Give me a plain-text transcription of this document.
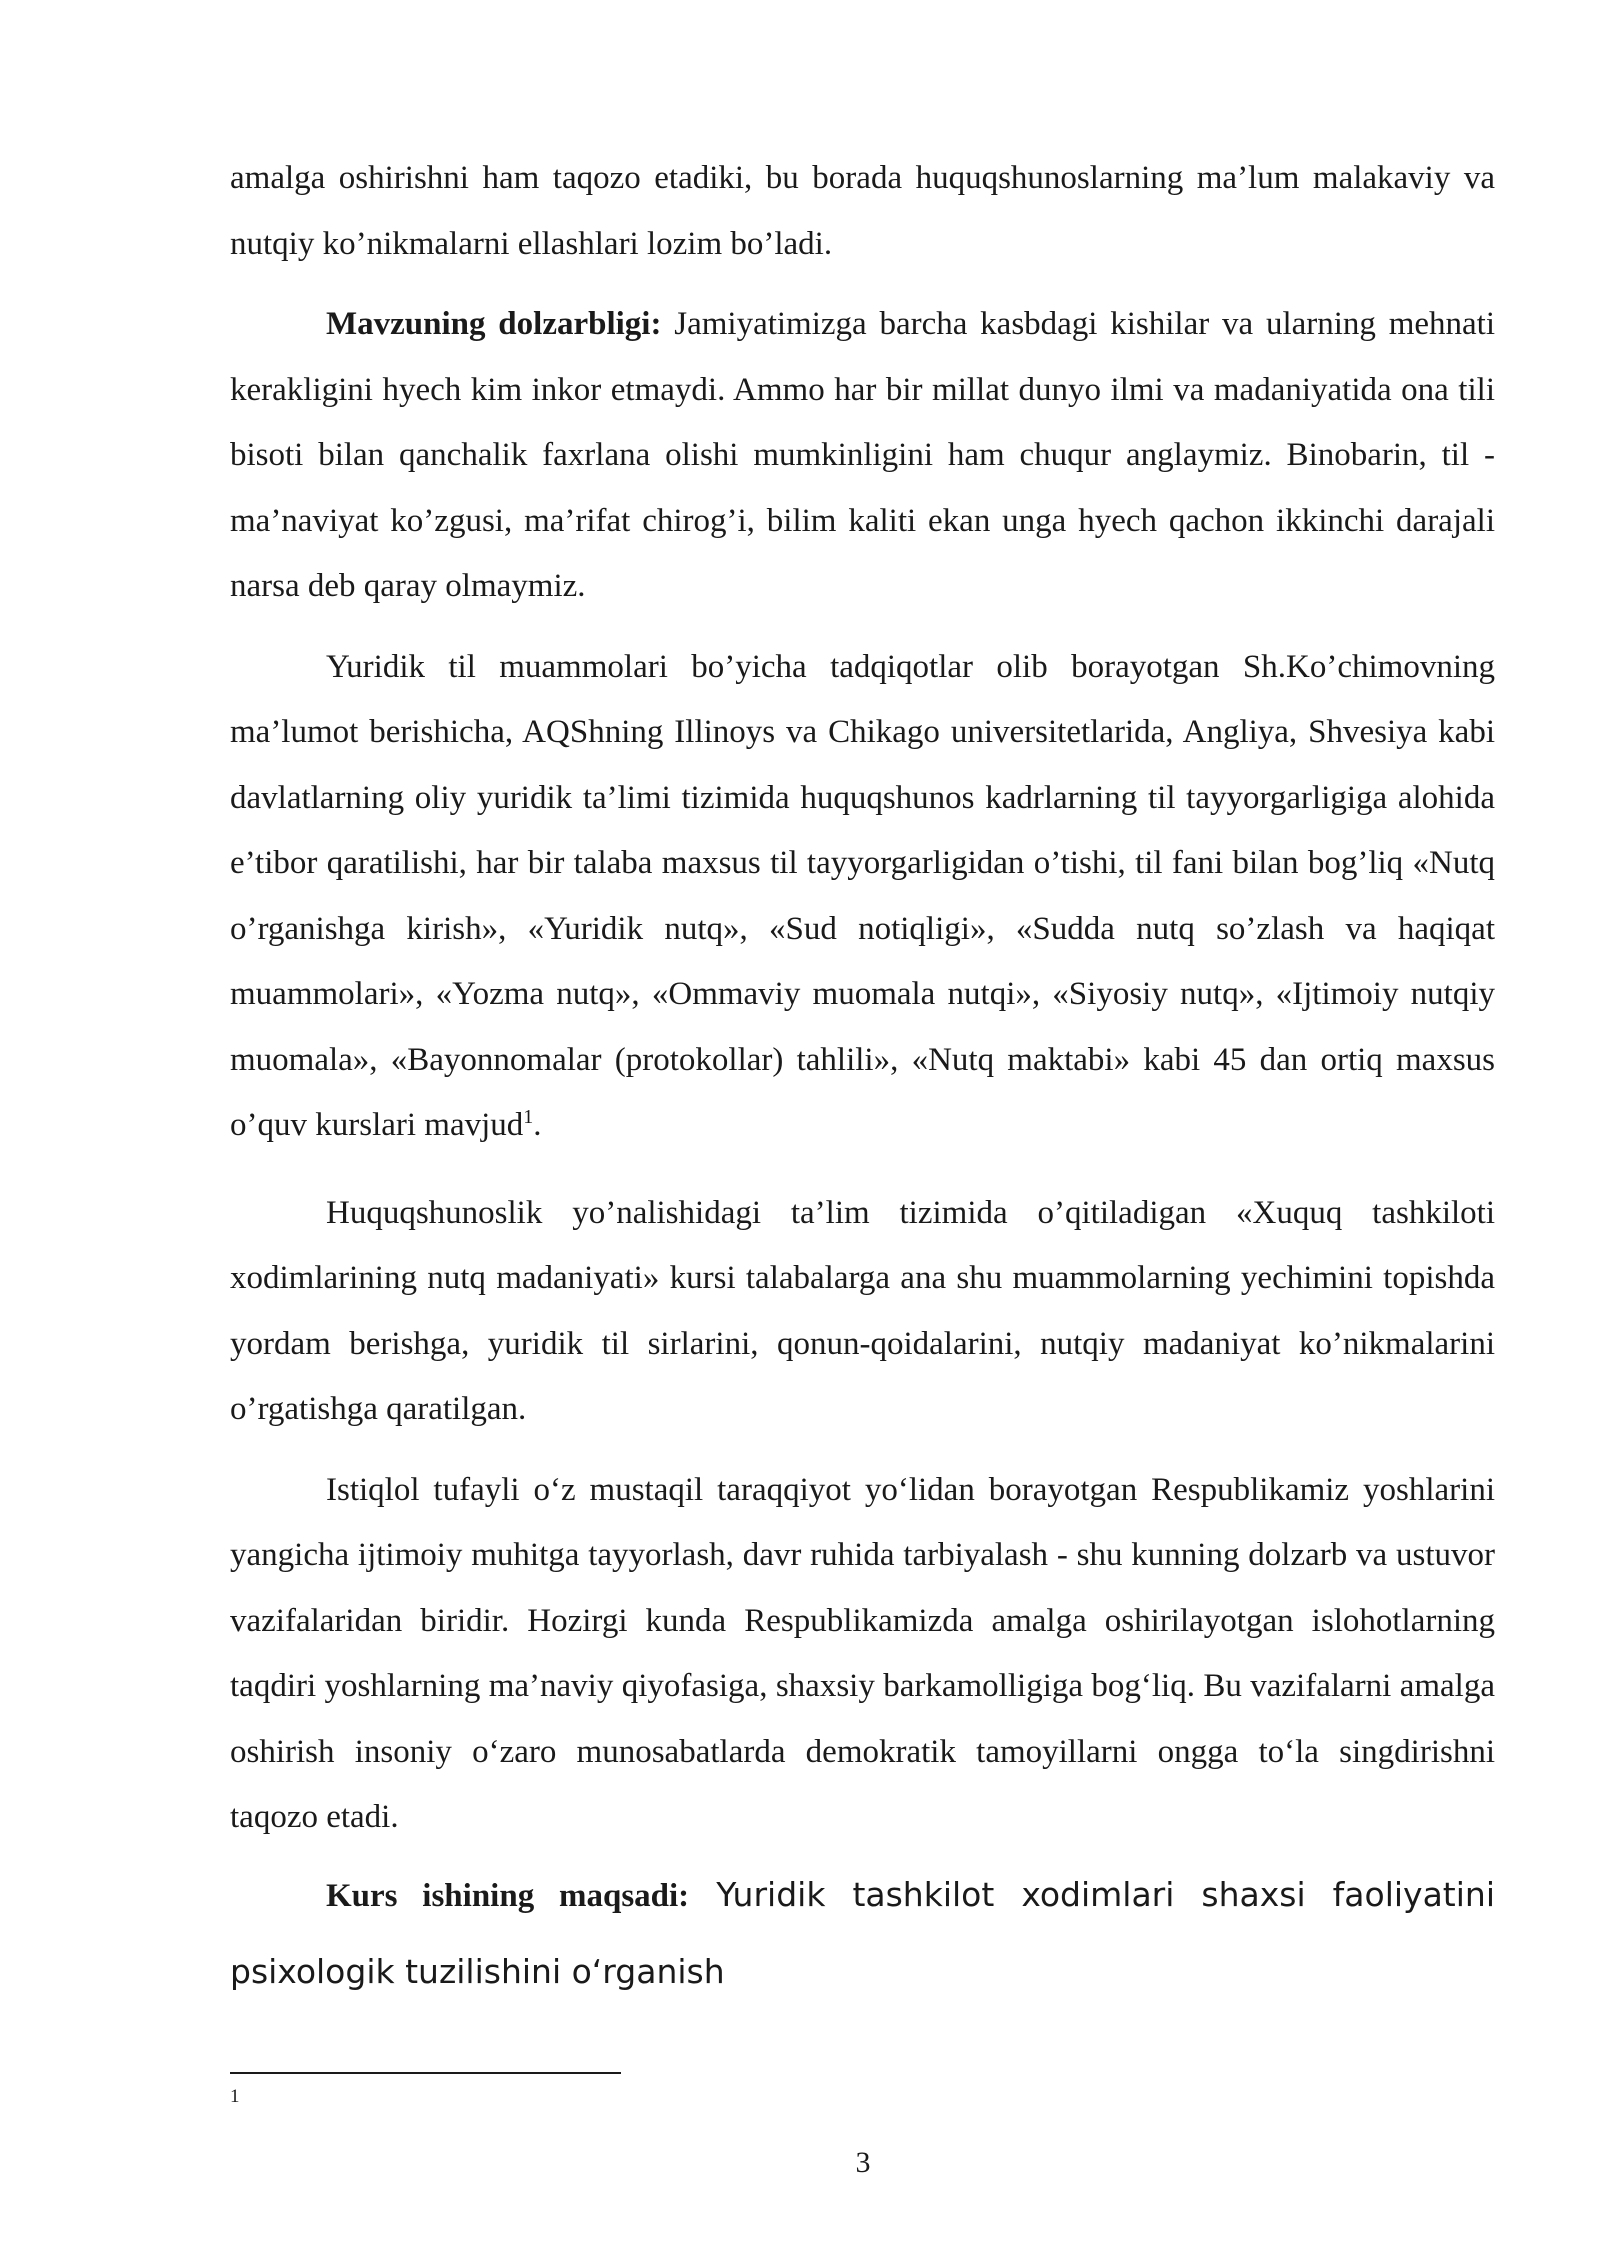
amalga oshirishni ham taqozo etadiki, bu borada huquqshunoslarning ma’lum malakaviy va nutqiy ko’nikmalarni ellashlari lozim bo’ladi.

Mavzuning dolzarbligi: Jamiyatimizga barcha kasbdagi kishilar va ularning mehnati kerakligini hyech kim inkor etmaydi. Ammo har bir millat dunyo ilmi va madaniyatida ona tili bisoti bilan qanchalik faxrlana olishi mumkinligini ham chuqur anglaymiz. Binobarin, til - ma’naviyat ko’zgusi, ma’rifat chirog’i, bilim kaliti ekan unga hyech qachon ikkinchi darajali narsa deb qaray olmaymiz.

Yuridik til muammolari bo’yicha tadqiqotlar olib borayotgan Sh.Ko’chimovning ma’lumot berishicha, AQShning Illinoys va Chikago universitetlarida, Angliya, Shvesiya kabi davlatlarning oliy yuridik ta’limi tizimida huquqshunos kadrlarning til tayyorgarligiga alohida e’tibor qaratilishi, har bir talaba maxsus til tayyorgarligidan o’tishi, til fani bilan bog’liq «Nutq o’rganishga kirish», «Yuridik nutq», «Sud notiqligi», «Sudda nutq so’zlash va haqiqat muammolari», «Yozma nutq», «Ommaviy muomala nutqi», «Siyosiy nutq», «Ijtimoiy nutqiy muomala», «Bayonnomalar (protokollar) tahlili», «Nutq maktabi» kabi 45 dan ortiq maxsus o’quv kurslari mavjud$^1$.

Huquqshunoslik yo’nalishidagi ta’lim tizimida o’qitiladigan «Xuquq tashkiloti xodimlarining nutq madaniyati» kursi talabalarga ana shu muammolarning yechimini topishda yordam berishga, yuridik til sirlarini, qonun-qoidalarini, nutqiy madaniyat ko’nikmalarini o’rgatishga qaratilgan.

Istiqlol tufayli o‘z mustaqil taraqqiyot yo‘lidan borayotgan Respublikamiz yoshlarini yangicha ijtimoiy muhitga tayyorlash, davr ruhida tarbiyalash - shu kunning dolzarb va ustuvor vazifalaridan biridir. Hozirgi kunda Respublikamizda amalga oshirilayotgan islohotlarning taqdiri yoshlarning ma’naviy qiyofasiga, shaxsiy barkamolligiga bog‘liq. Bu vazifalarni amalga oshirish insoniy o‘zaro munosabatlarda demokratik tamoyillarni ongga to‘la singdirishni taqozo etadi.

Kurs ishining maqsadi: Yuridik tashkilot xodimlari shaxsi faoliyatini psixologik tuzilishini o‘rganish

1
3
